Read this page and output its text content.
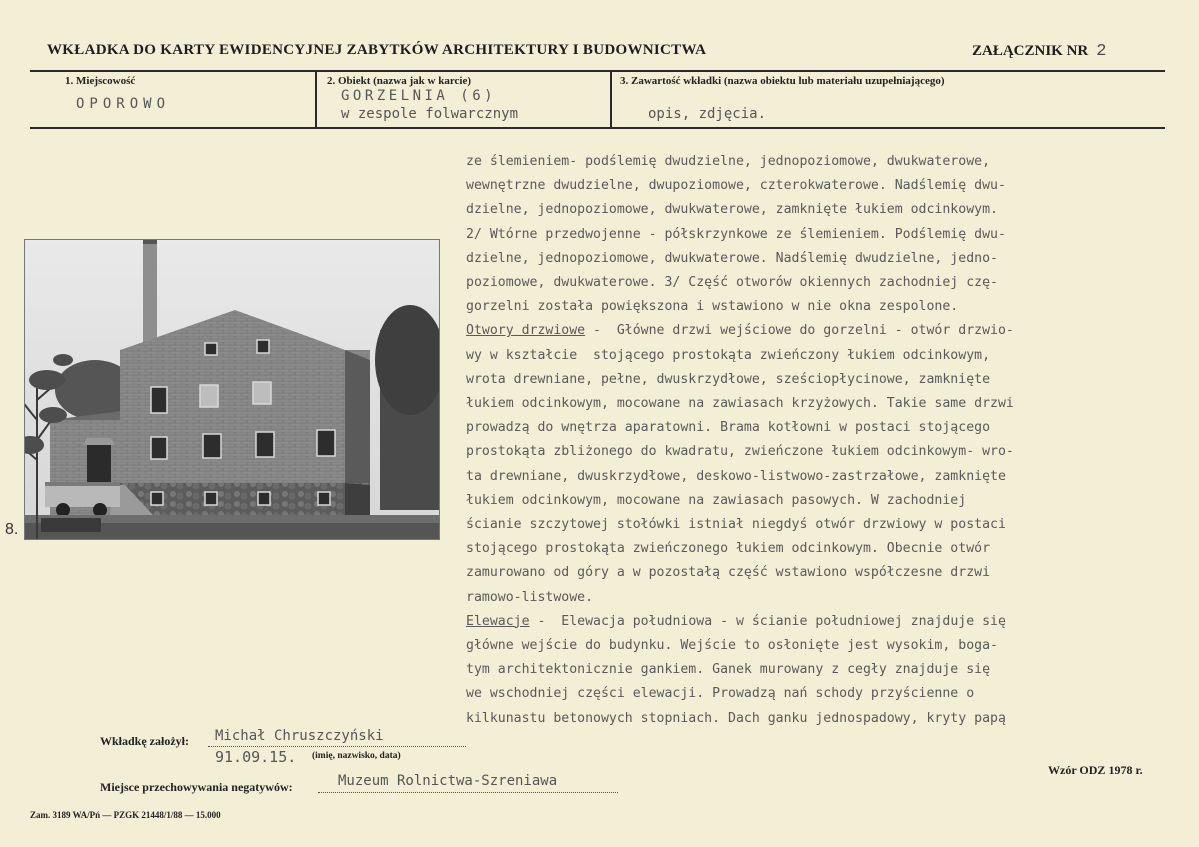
WKŁADKA DO KARTY EWIDENCYJNEJ ZABYTKÓW ARCHITEKTURY I BUDOWNICTWA	ZAŁĄCZNIK NR 2
1. Miejscowość
OPOROWO
2. Obiekt (nazwa jak w karcie)
GORZELNIA (6)
w zespole folwarcznym
3. Zawartość wkładki (nazwa obiektu lub materiału uzupełniającego)
opis, zdjęcia.
8.
ze ślemieniem- podślemię dwudzielne, jednopoziomowe, dwukwaterowe,
wewnętrzne dwudzielne, dwupoziomowe, czterokwaterowe. Nadślemię dwu-
dzielne, jednopoziomowe, dwukwaterowe, zamknięte łukiem odcinkowym.
2/ Wtórne przedwojenne - półskrzynkowe ze ślemieniem. Podślemię dwu-
dzielne, jednopoziomowe, dwukwaterowe. Nadślemię dwudzielne, jedno-
poziomowe, dwukwaterowe. 3/ Część otworów okiennych zachodniej czę-
gorzelni została powiększona i wstawiono w nie okna zespolone.
Otwory drzwiowe -  Główne drzwi wejściowe do gorzelni - otwór drzwio-
wy w kształcie  stojącego prostokąta zwieńczony łukiem odcinkowym,
wrota drewniane, pełne, dwuskrzydłowe, sześciopłycinowe, zamknięte
łukiem odcinkowym, mocowane na zawiasach krzyżowych. Takie same drzwi
prowadzą do wnętrza aparatowni. Brama kotłowni w postaci stojącego
prostokąta zbliżonego do kwadratu, zwieńczone łukiem odcinkowym- wro-
ta drewniane, dwuskrzydłowe, deskowo-listwowo-zastrzałowe, zamknięte
łukiem odcinkowym, mocowane na zawiasach pasowych. W zachodniej
ścianie szczytowej stołówki istniał niegdyś otwór drzwiowy w postaci
stojącego prostokąta zwieńczonego łukiem odcinkowym. Obecnie otwór
zamurowano od góry a w pozostałą część wstawiono współczesne drzwi
ramowo-listwowe.
Elewacje -  Elewacja południowa - w ścianie południowej znajduje się
główne wejście do budynku. Wejście to osłonięte jest wysokim, boga-
tym architektonicznie gankiem. Ganek murowany z cegły znajduje się
we wschodniej części elewacji. Prowadzą nań schody przyścienne o
kilkunastu betonowych stopniach. Dach ganku jednospadowy, kryty papą
Wkładkę założył: Michał Chruszczyński
91.09.15. (imię, nazwisko, data)
Miejsce przechowywania negatywów:	Muzeum Rolnictwa-Szreniawa
Wzór ODZ 1978 r.
Zam. 3189 WA/Pń — PZGK 21448/1/88 — 15.000
